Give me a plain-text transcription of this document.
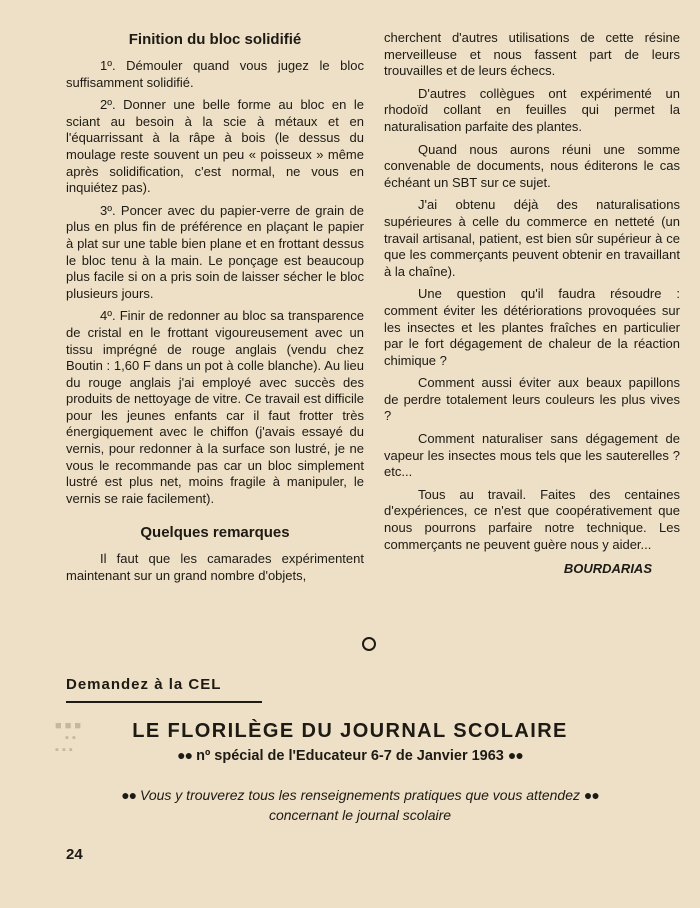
Finition du bloc solidifié

1º. Démouler quand vous jugez le bloc suffisamment solidifié.

2º. Donner une belle forme au bloc en le sciant au besoin à la scie à métaux et en l'équarrissant à la râpe à bois (le dessus du moulage reste souvent un peu « poisseux » même après solidification, c'est normal, ne vous en inquiétez pas).

3º. Poncer avec du papier-verre de grain de plus en plus fin de préférence en plaçant le papier à plat sur une table bien plane et en frottant dessus le bloc tenu à la main. Le ponçage est beaucoup plus facile si on a pris soin de laisser sécher le bloc plusieurs jours.

4º. Finir de redonner au bloc sa transparence de cristal en le frottant vigoureusement avec un tissu imprégné de rouge anglais (vendu chez Boutin : 1,60 F dans un pot à colle blanche). Au lieu du rouge anglais j'ai employé avec succès des produits de nettoyage de vitre. Ce travail est difficile pour les jeunes enfants car il faut frotter très énergiquement avec le chiffon (j'avais essayé du vernis, pour redonner à la surface son lustré, je ne vous le recommande pas car un bloc simplement lustré est plus net, moins fragile à manipuler, le vernis se raie facilement).

Quelques remarques

Il faut que les camarades expérimentent maintenant sur un grand nombre d'objets,

cherchent d'autres utilisations de cette résine merveilleuse et nous fassent part de leurs trouvailles et de leurs échecs.

D'autres collègues ont expérimenté un rhodoïd collant en feuilles qui permet la naturalisation parfaite des plantes.

Quand nous aurons réuni une somme convenable de documents, nous éditerons le cas échéant un SBT sur ce sujet.

J'ai obtenu déjà des naturalisations supérieures à celle du commerce en netteté (un travail artisanal, patient, est bien sûr supérieur à ce que les commerçants peuvent obtenir en travaillant à la chaîne).

Une question qu'il faudra résoudre : comment éviter les détériorations provoquées sur les insectes et les plantes fraîches en particulier par le fort dégagement de chaleur de la réaction chimique ?

Comment aussi éviter aux beaux papillons de perdre totalement leurs couleurs les plus vives ?

Comment naturaliser sans dégagement de vapeur les insectes mous tels que les sauterelles ? etc...

Tous au travail. Faites des centaines d'expériences, ce n'est que coopérativement que nous pourrons parfaire notre technique. Les commerçants ne peuvent guère nous y aider...

BOURDARIAS
Demandez à la CEL
■ ■ ■
▪ ▪
▪ ▪ ▪
LE FLORILÈGE DU JOURNAL SCOLAIRE
●● nº spécial de l'Educateur 6-7 de Janvier 1963 ●●
●● Vous y trouverez tous les renseignements pratiques que vous attendez ●●
concernant le journal scolaire
24
